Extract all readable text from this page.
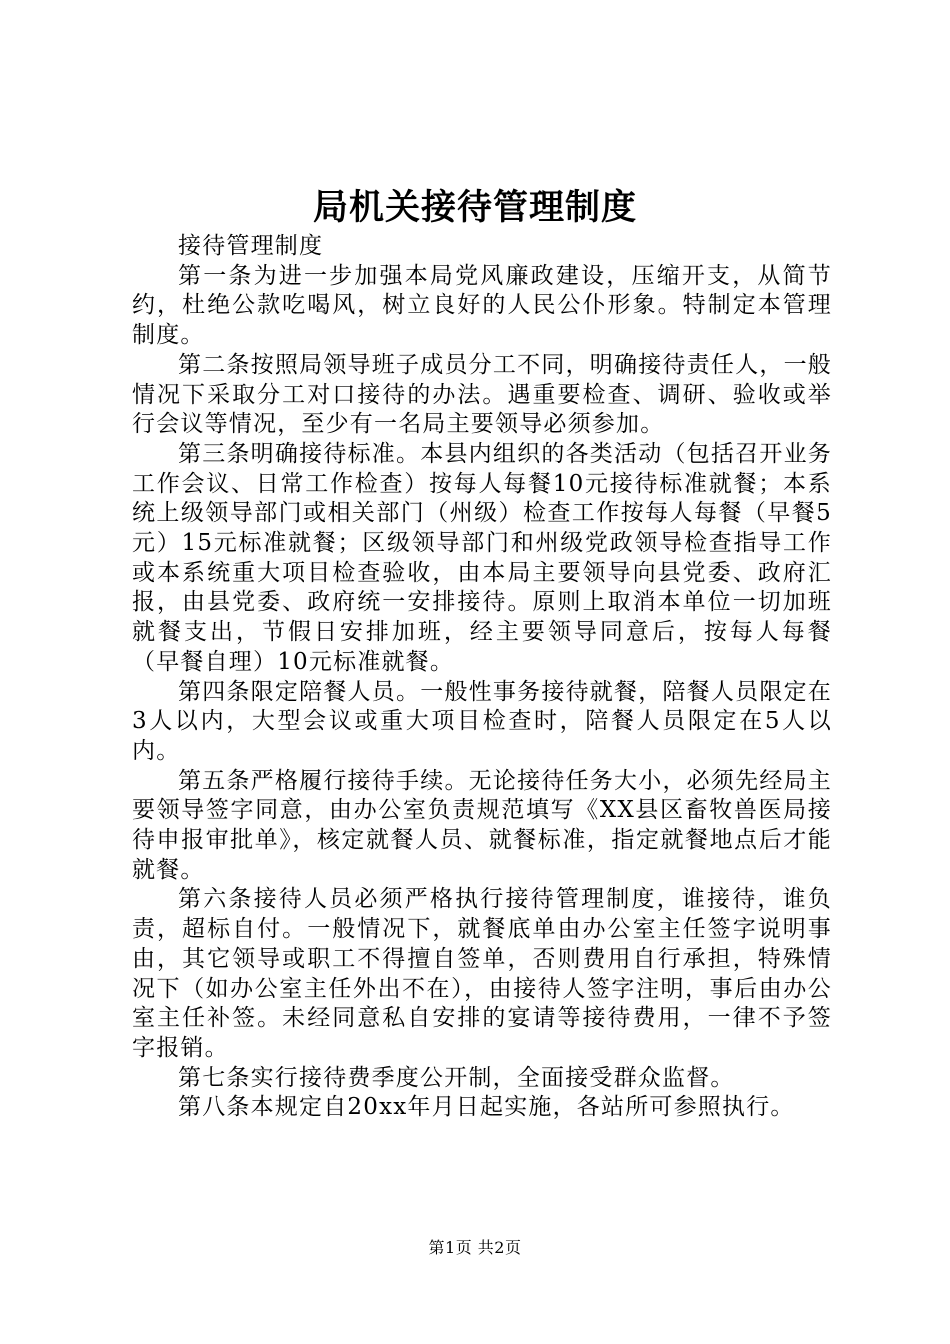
局机关接待管理制度

接待管理制度

第一条为进一步加强本局党风廉政建设，压缩开支，从简节约，杜绝公款吃喝风，树立良好的人民公仆形象。特制定本管理制度。

第二条按照局领导班子成员分工不同，明确接待责任人，一般情况下采取分工对口接待的办法。遇重要检查、调研、验收或举行会议等情况，至少有一名局主要领导必须参加。

第三条明确接待标准。本县内组织的各类活动（包括召开业务工作会议、日常工作检查）按每人每餐10元接待标准就餐；本系统上级领导部门或相关部门（州级）检查工作按每人每餐（早餐5元）15元标准就餐；区级领导部门和州级党政领导检查指导工作或本系统重大项目检查验收，由本局主要领导向县党委、政府汇报，由县党委、政府统一安排接待。原则上取消本单位一切加班就餐支出，节假日安排加班，经主要领导同意后，按每人每餐（早餐自理）10元标准就餐。

第四条限定陪餐人员。一般性事务接待就餐，陪餐人员限定在3人以内，大型会议或重大项目检查时，陪餐人员限定在5人以内。

第五条严格履行接待手续。无论接待任务大小，必须先经局主要领导签字同意，由办公室负责规范填写《XX县区畜牧兽医局接待申报审批单》，核定就餐人员、就餐标准，指定就餐地点后才能就餐。

第六条接待人员必须严格执行接待管理制度，谁接待，谁负责，超标自付。一般情况下，就餐底单由办公室主任签字说明事由，其它领导或职工不得擅自签单，否则费用自行承担，特殊情况下（如办公室主任外出不在），由接待人签字注明，事后由办公室主任补签。未经同意私自安排的宴请等接待费用，一律不予签字报销。

第七条实行接待费季度公开制，全面接受群众监督。

第八条本规定自20xx年月日起实施，各站所可参照执行。

第1页 共2页
